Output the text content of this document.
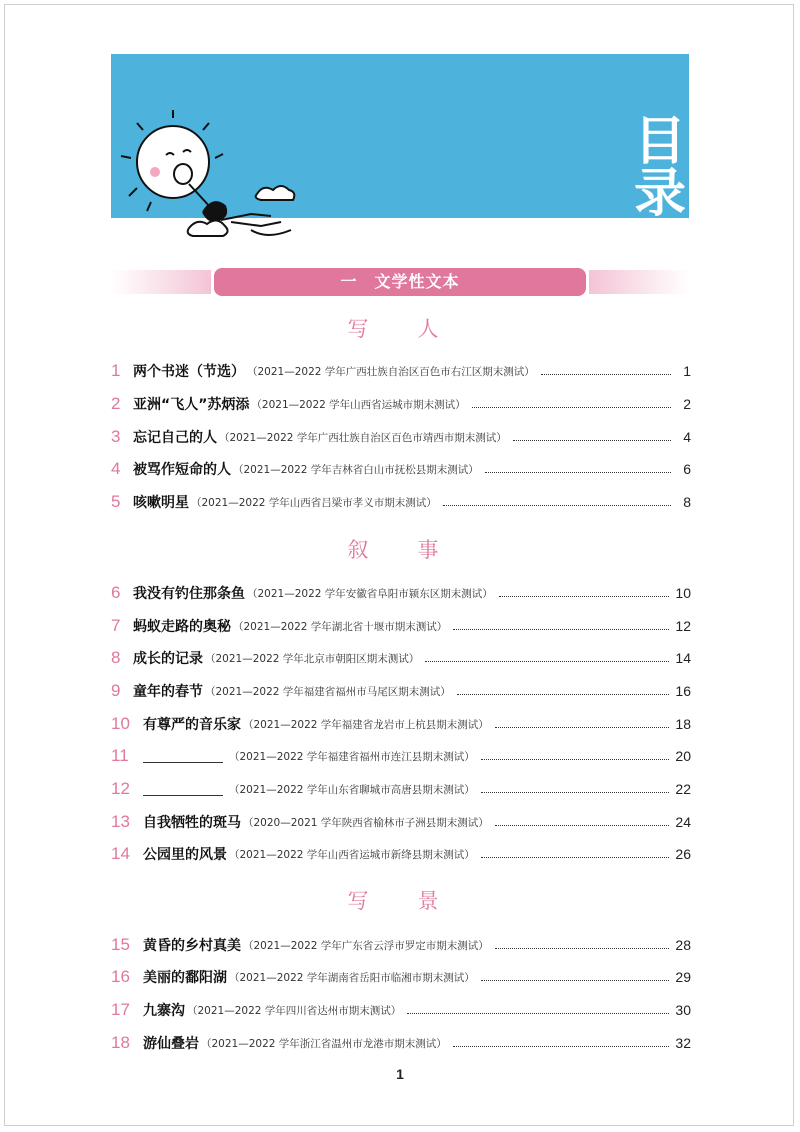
目
录
一　文学性文本
写　人
叙　事
写　景
1 两个书迷（节选） （2021—2022 学年广西壮族自治区百色市右江区期末测试）	1
2 亚洲“飞人”苏炳添 （2021—2022 学年山西省运城市期末测试）	2
3 忘记自己的人 （2021—2022 学年广西壮族自治区百色市靖西市期末测试）	4
4 被骂作短命的人 （2021—2022 学年吉林省白山市抚松县期末测试）	6
5 咳嗽明星 （2021—2022 学年山西省吕梁市孝义市期末测试）	8
6 我没有钓住那条鱼 （2021—2022 学年安徽省阜阳市颍东区期末测试）	10
7 蚂蚁走路的奥秘 （2021—2022 学年湖北省十堰市期末测试）	12
8 成长的记录 （2021—2022 学年北京市朝阳区期末测试）	14
9 童年的春节 （2021—2022 学年福建省福州市马尾区期末测试）	16
10 有尊严的音乐家 （2021—2022 学年福建省龙岩市上杭县期末测试）	18
11	（2021—2022 学年福建省福州市连江县期末测试）	20
12	（2021—2022 学年山东省聊城市高唐县期末测试）	22
13 自我牺牲的斑马 （2020—2021 学年陕西省榆林市子洲县期末测试）	24
14 公园里的风景 （2021—2022 学年山西省运城市新绛县期末测试）	26
15 黄昏的乡村真美 （2021—2022 学年广东省云浮市罗定市期末测试）	28
16 美丽的鄱阳湖 （2021—2022 学年湖南省岳阳市临湘市期末测试）	29
17 九寨沟 （2021—2022 学年四川省达州市期末测试）	30
18 游仙叠岩 （2021—2022 学年浙江省温州市龙港市期末测试）	32
1
